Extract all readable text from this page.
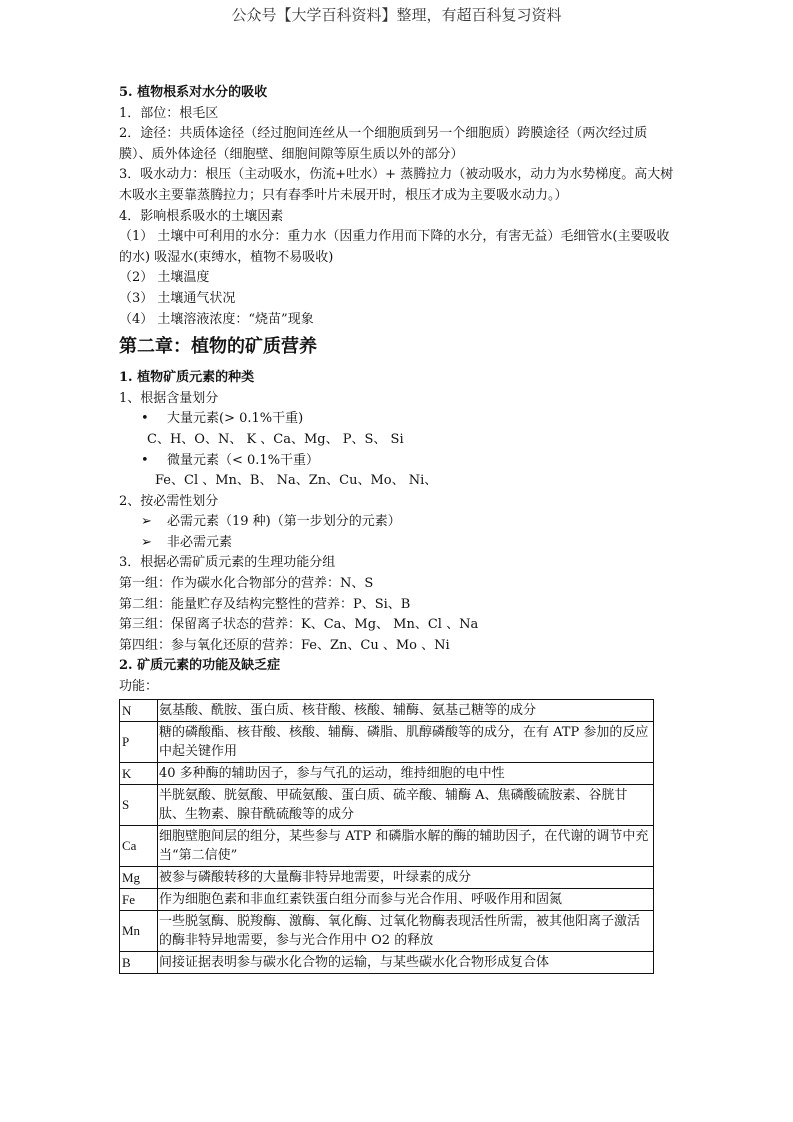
公众号【大学百科资料】整理，有超百科复习资料
5. 植物根系对水分的吸收
1．部位：根毛区
2．途径：共质体途径（经过胞间连丝从一个细胞质到另一个细胞质）跨膜途径（两次经过质膜）、质外体途径（细胞壁、细胞间隙等原生质以外的部分）
3．吸水动力：根压（主动吸水，伤流+吐水）+ 蒸腾拉力（被动吸水，动力为水势梯度。高大树木吸水主要靠蒸腾拉力；只有春季叶片未展开时，根压才成为主要吸水动力。）
4．影响根系吸水的土壤因素
（1） 土壤中可利用的水分：重力水（因重力作用而下降的水分，有害无益）毛细管水(主要吸收的水) 吸湿水(束缚水，植物不易吸收)
（2） 土壤温度
（3） 土壤通气状况
（4） 土壤溶液浓度：“烧苗”现象
第二章：植物的矿质营养
1. 植物矿质元素的种类
1、根据含量划分
• 大量元素(> 0.1%干重)
C、H、O、N、 K 、Ca、Mg、 P、S、 Si
• 微量元素（< 0.1%干重）
Fe、Cl 、Mn、B、 Na、Zn、Cu、Mo、 Ni、
2、按必需性划分
➢ 必需元素（19 种)（第一步划分的元素）
➢ 非必需元素
3．根据必需矿质元素的生理功能分组
第一组：作为碳水化合物部分的营养：N、S
第二组：能量贮存及结构完整性的营养：P、Si、B
第三组：保留离子状态的营养：K、Ca、Mg、 Mn、Cl 、Na
第四组：参与氧化还原的营养：Fe、Zn、Cu 、Mo 、Ni
2. 矿质元素的功能及缺乏症
功能：
N	氨基酸、酰胺、蛋白质、核苷酸、核酸、辅酶、氨基己糖等的成分
P	糖的磷酸酯、核苷酸、核酸、辅酶、磷脂、肌醇磷酸等的成分，在有 ATP 参加的反应中起关键作用
K	40 多种酶的辅助因子，参与气孔的运动，维持细胞的电中性
S	半胱氨酸、胱氨酸、甲硫氨酸、蛋白质、硫辛酸、辅酶 A、焦磷酸硫胺素、谷胱甘肽、生物素、腺苷酰硫酸等的成分
Ca	细胞壁胞间层的组分，某些参与 ATP 和磷脂水解的酶的辅助因子，在代谢的调节中充当“第二信使”
Mg	被参与磷酸转移的大量酶非特异地需要，叶绿素的成分
Fe	作为细胞色素和非血红素铁蛋白组分而参与光合作用、呼吸作用和固氮
Mn	一些脱氢酶、脱羧酶、激酶、氧化酶、过氧化物酶表现活性所需，被其他阳离子激活的酶非特异地需要，参与光合作用中 O2 的释放
B	间接证据表明参与碳水化合物的运输，与某些碳水化合物形成复合体
